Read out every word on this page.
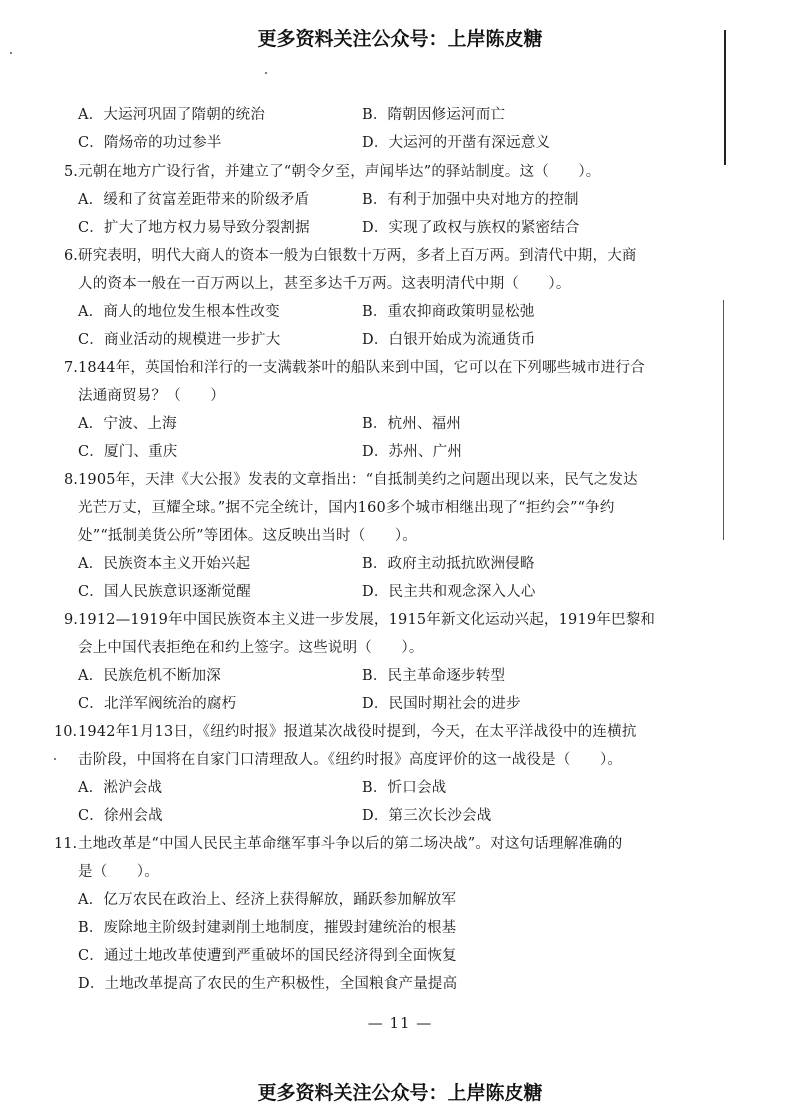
更多资料关注公众号：上岸陈皮糖
A．大运河巩固了隋朝的统治	B．隋朝因修运河而亡
C．隋炀帝的功过参半	D．大运河的开凿有深远意义
5. 元朝在地方广设行省，并建立了“朝令夕至，声闻毕达”的驿站制度。这（　　）。
A．缓和了贫富差距带来的阶级矛盾	B．有利于加强中央对地方的控制
C．扩大了地方权力易导致分裂割据	D．实现了政权与族权的紧密结合
6. 研究表明，明代大商人的资本一般为白银数十万两，多者上百万两。到清代中期，大商
人的资本一般在一百万两以上，甚至多达千万两。这表明清代中期（　　）。
A．商人的地位发生根本性改变	B．重农抑商政策明显松弛
C．商业活动的规模进一步扩大	D．白银开始成为流通货币
7. 1844年，英国怡和洋行的一支满载茶叶的船队来到中国，它可以在下列哪些城市进行合
法通商贸易？（　　）
A．宁波、上海	B．杭州、福州
C．厦门、重庆	D．苏州、广州
8. 1905年，天津《大公报》发表的文章指出：“自抵制美约之问题出现以来，民气之发达
光芒万丈，亘耀全球。”据不完全统计，国内160多个城市相继出现了“拒约会”“争约
处”“抵制美货公所”等团体。这反映出当时（　　）。
A．民族资本主义开始兴起	B．政府主动抵抗欧洲侵略
C．国人民族意识逐渐觉醒	D．民主共和观念深入人心
9. 1912—1919年中国民族资本主义进一步发展，1915年新文化运动兴起，1919年巴黎和
会上中国代表拒绝在和约上签字。这些说明（　　）。
A．民族危机不断加深	B．民主革命逐步转型
C．北洋军阀统治的腐朽	D．民国时期社会的进步
10. 1942年1月13日，《纽约时报》报道某次战役时提到，今天，在太平洋战役中的连横抗
击阶段，中国将在自家门口清理敌人。《纽约时报》高度评价的这一战役是（　　）。
A．淞沪会战	B．忻口会战
C．徐州会战	D．第三次长沙会战
11. 土地改革是“中国人民民主革命继军事斗争以后的第二场决战”。对这句话理解准确的
是（　　）。
A．亿万农民在政治上、经济上获得解放，踊跃参加解放军
B．废除地主阶级封建剥削土地制度，摧毁封建统治的根基
C．通过土地改革使遭到严重破坏的国民经济得到全面恢复
D．土地改革提高了农民的生产积极性，全国粮食产量提高
— 11 —
更多资料关注公众号：上岸陈皮糖
